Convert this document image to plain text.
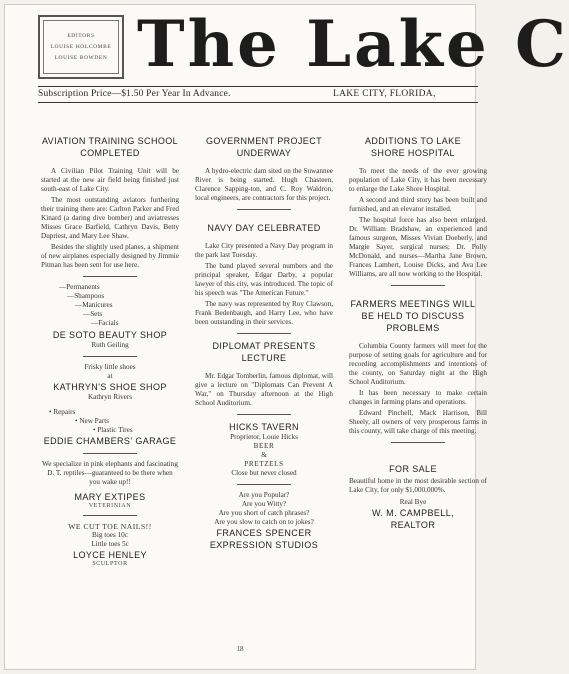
EDITORS
LOUISE HOLCOMBE
LOUISE BOWDEN The Lake C
Subscription Price—$1.50 Per Year In Advance.	LAKE CITY, FLORIDA,
AVIATION TRAINING SCHOOL COMPLETED

A Civilian Pilot Training Unit will be started at the new air field being finished just south-east of Lake City.

The most outstanding aviators furthering their training there are: Carlton Parker and Fred Kinard (a daring dive bomber) and aviatresses Misses Grace Barfield, Cathryn Davis, Betty Dupriest, and Mary Lee Shaw.

Besides the slightly used planes, a shipment of new airplanes especially designed by Jimmie Pitman has been sent for use here.

—Permanents
—Shampoos
—Manicures
—Sets
—Facials
DE SOTO BEAUTY SHOP
Ruth Geiling
Frisky little shoes
at
KATHRYN'S SHOE SHOP
Kathryn Rivers
• Repairs
• New Parts
• Plastic Tires
EDDIE CHAMBERS' GARAGE

We specialize in pink elephants and fascinating D. T. reptiles—guaranteed to be there when you wake up!!

MARY EXTIPES
VETERINIAN
WE CUT TOE NAILS!!
Big toes 10c
Little toes 5c
LOYCE HENLEY
SCULPTOR
GOVERNMENT PROJECT UNDERWAY

A hydro-electric dam sited on the Suwannee River is being started. Hugh Chasteen, Clarence Sapping-ton, and C. Roy Waldron, local engineers, are contractors for this project.

NAVY DAY CELEBRATED

Lake City presented a Navy Day program in the park last Tuesday.

The band played several numbers and the principal speaker, Edgar Darby, a popular lawyer of this city, was introduced. The topic of his speech was "The American Future."

The navy was represented by Roy Clawson, Frank Bedenbaugh, and Harry Lee, who have been outstanding in their services.

DIPLOMAT PRESENTS LECTURE

Mr. Edgar Tomberlin, famous diplomat, will give a lecture on "Diplomats Can Prevent A War," on Thursday afternoon at the High School Auditorium.

HICKS TAVERN
Proprietor, Louie Hicks
BEER
&
PRETZELS
Close but never closed
Are you Popular?
Are you Witty?
Are you short of catch phrases?
Are you slow to catch on to jokes?
FRANCES SPENCER EXPRESSION STUDIOS
ADDITIONS TO LAKE SHORE HOSPITAL

To meet the needs of the ever growing population of Lake City, it has been necessary to enlarge the Lake Shore Hospital.

A second and third story has been built and furnished, and an elevator installed.

The hospital force has also been enlarged. Dr. William Bradshaw, an experienced and famous surgeon, Misses Vivian Doeberly, and Margie Sayer, surgical nurses; Dr. Polly McDonald, and nurses—Martha Jane Brown, Frances Lambert, Louise Dicks, and Ava Lee Williams, are all now working to the Hospital.

FARMERS MEETINGS WILL BE HELD TO DISCUSS PROBLEMS

Columbia County farmers will meet for the purpose of setting goals for agriculture and for recording accomplishments and intentions of the county, on Saturday night at the High School Auditorium.

It has been necessary to make certain changes in farming plans and operations.

Edward Pinchell, Mack Harrison, Bill Sheely, all owners of very prosperous farms in this county, will take charge of this meeting.

FOR SALE

Beautiful home in the most desirable section of Lake City, for only $1,000,000%.

Real Bye
W. M. CAMPBELL, REALTOR
18
